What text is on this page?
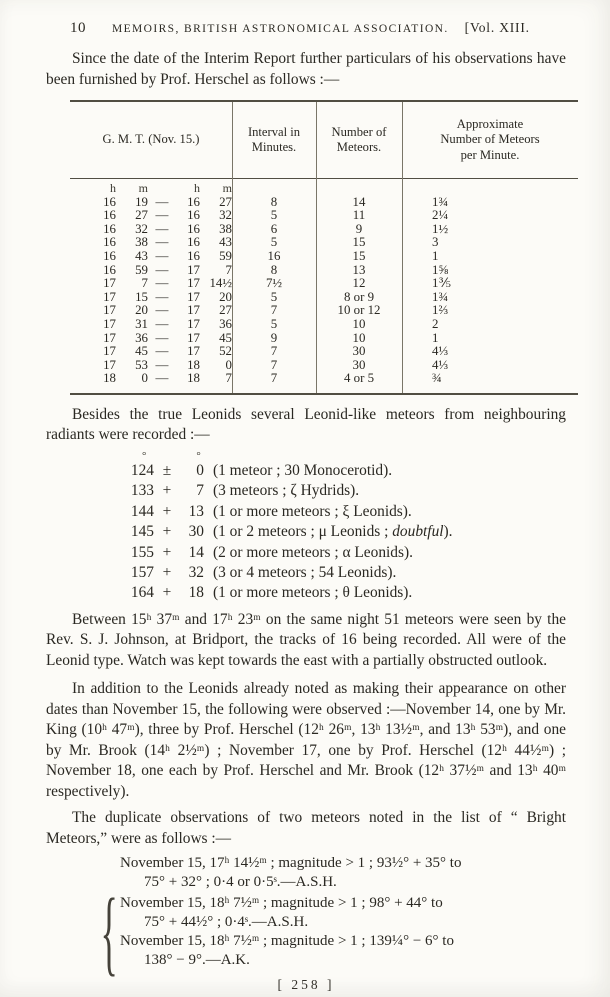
10 MEMOIRS, BRITISH ASTRONOMICAL ASSOCIATION. [Vol. XIII.

Since the date of the Interim Report further particulars of his observations have been furnished by Prof. Herschel as follows :—

G. M. T. (Nov. 15.)
Interval in Minutes.
Number of Meteors.
Approximate Number of Meteors per Minute.
h	m	h	m
16	19 —	16	27	8	14	1¾
16	27 —	16	32	5	11	2¼
16	32 —	16	38	6	9	1½
16	38 —	16	43	5	15	3
16	43 —	16	59	16	15	1
16	59 —	17	7	8	13	1⅝
17	7 —	17 14½	7½	12	1⅗
17	15 —	17	20	5	8 or 9	1¾
17	20 —	17	27	7	10 or 12	1⅔
17	31 —	17	36	5	10	2
17	36 —	17	45	9	10	1
17	45 —	17	52	7	30	4⅓
17	53 —	18	0	7	30	4⅓
18	0 —	18	7	7	4 or 5	¾

Besides the true Leonids several Leonid-like meteors from neighbouring radiants were recorded :—

°	°
124 ± 0 (1 meteor ; 30 Monocerotid).
133 + 7 (3 meteors ; ζ Hydrids).
144 + 13 (1 or more meteors ; ξ Leonids).
145 + 30 (1 or 2 meteors ; μ Leonids ; doubtful).
155 + 14 (2 or more meteors ; α Leonids).
157 + 32 (3 or 4 meteors ; 54 Leonids).
164 + 18 (1 or more meteors ; θ Leonids).

Between 15ʰ 37ᵐ and 17ʰ 23ᵐ on the same night 51 meteors were seen by the Rev. S. J. Johnson, at Bridport, the tracks of 16 being recorded. All were of the Leonid type. Watch was kept towards the east with a partially obstructed outlook.

In addition to the Leonids already noted as making their appearance on other dates than November 15, the following were observed :—November 14, one by Mr. King (10ʰ 47ᵐ), three by Prof. Herschel (12ʰ 26ᵐ, 13ʰ 13½ᵐ, and 13ʰ 53ᵐ), and one by Mr. Brook (14ʰ 2½ᵐ) ; November 17, one by Prof. Herschel (12ʰ 44½ᵐ) ; November 18, one each by Prof. Herschel and Mr. Brook (12ʰ 37½ᵐ and 13ʰ 40ᵐ respectively).

The duplicate observations of two meteors noted in the list of “ Bright Meteors,” were as follows :—

November 15, 17ʰ 14½ᵐ ; magnitude > 1 ; 93½° + 35° to
75° + 32° ; 0·4 or 0·5ˢ.—A.S.H.
{ November 15, 18ʰ 7½ᵐ ; magnitude > 1 ; 98° + 44° to
75° + 44½° ; 0·4ˢ.—A.S.H.
November 15, 18ʰ 7½ᵐ ; magnitude > 1 ; 139¼° − 6° to
138° − 9°.—A.K.
[ 258 ]
